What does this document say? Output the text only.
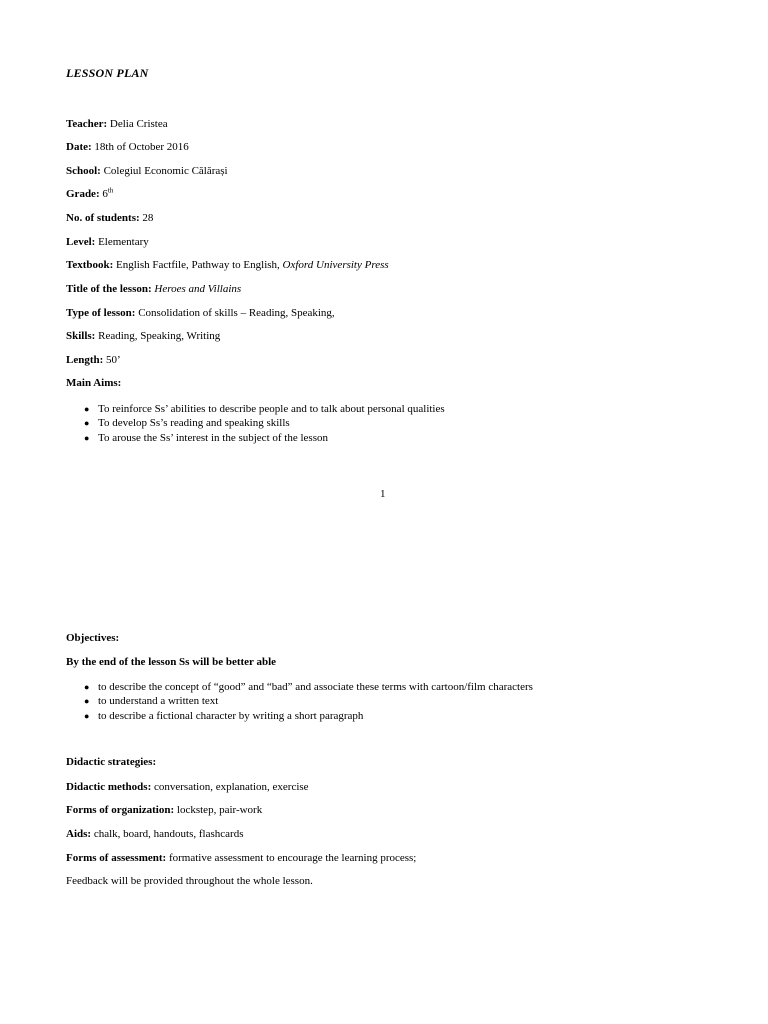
LESSON PLAN
Teacher: Delia Cristea
Date: 18th of October 2016
School: Colegiul Economic Călărași
Grade: 6th
No. of students: 28
Level: Elementary
Textbook: English Factfile, Pathway to English, Oxford University Press
Title of the lesson: Heroes and Villains
Type of lesson: Consolidation of skills – Reading, Speaking,
Skills: Reading, Speaking, Writing
Length: 50’
Main Aims:
● To reinforce Ss’ abilities to describe people and to talk about personal qualities
● To develop Ss’s reading and speaking skills
● To arouse the Ss’ interest in the subject of the lesson
1
Objectives:
By the end of the lesson Ss will be better able
● to describe the concept of “good” and “bad” and associate these terms with cartoon/film characters
● to understand a written text
● to describe a fictional character by writing a short paragraph
Didactic strategies:
Didactic methods: conversation, explanation, exercise
Forms of organization: lockstep, pair-work
Aids: chalk, board, handouts, flashcards
Forms of assessment: formative assessment to encourage the learning process;
Feedback will be provided throughout the whole lesson.
